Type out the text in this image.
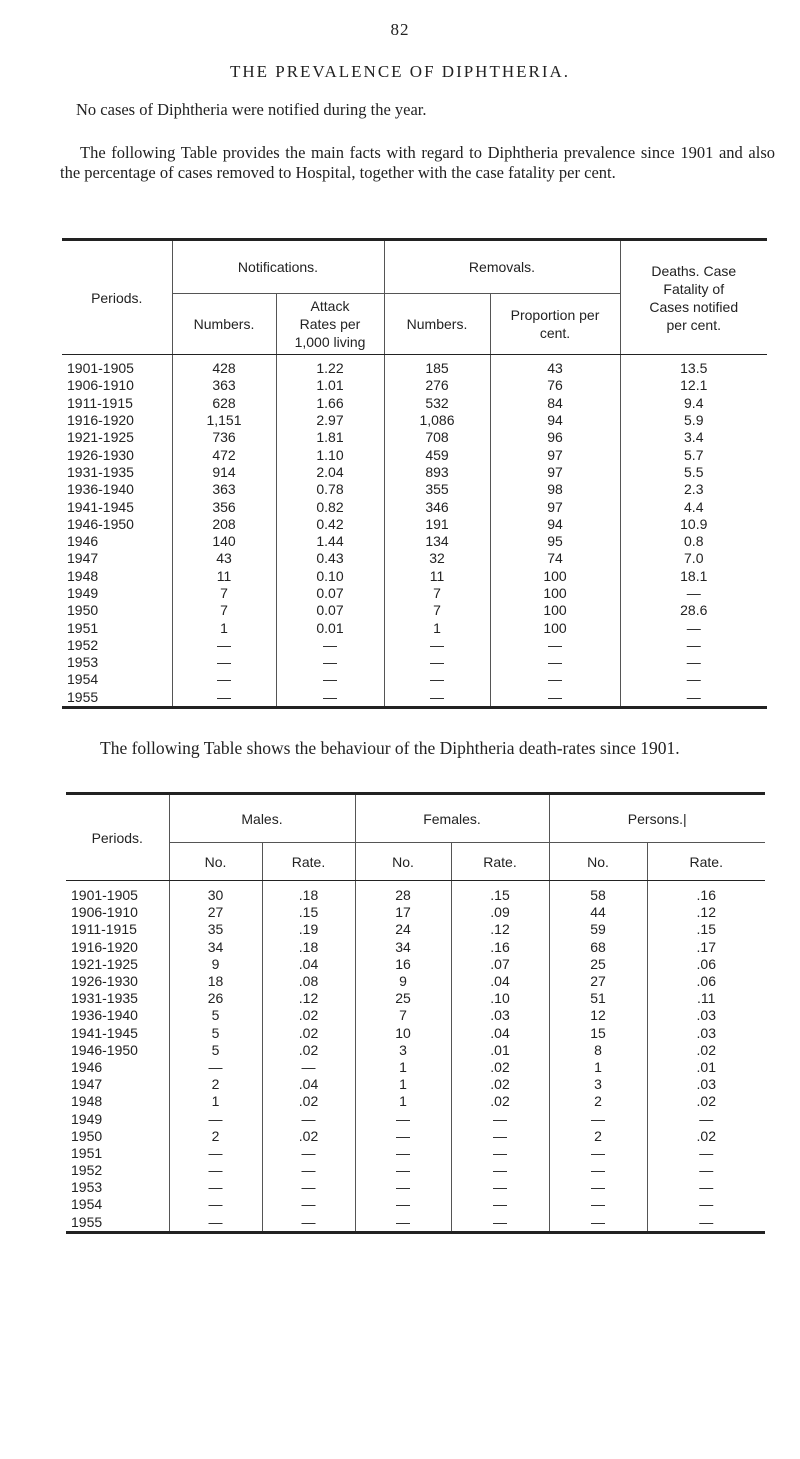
82
THE PREVALENCE OF DIPHTHERIA.
No cases of Diphtheria were notified during the year.
The following Table provides the main facts with regard to Diphtheria prevalence since 1901 and also the percentage of cases removed to Hospital, together with the case fatality per cent.
Periods.	Notifications.		Removals.		Deaths. Case Fatality of Cases notified per cent.
	Numbers.	Attack Rates per 1,000 living	Numbers.	Proportion per cent.	
1901-1905	428	1.22	185	43	13.5
1906-1910	363	1.01	276	76	12.1
1911-1915	628	1.66	532	84	9.4
1916-1920	1,151	2.97	1,086	94	5.9
1921-1925	736	1.81	708	96	3.4
1926-1930	472	1.10	459	97	5.7
1931-1935	914	2.04	893	97	5.5
1936-1940	363	0.78	355	98	2.3
1941-1945	356	0.82	346	97	4.4
1946-1950	208	0.42	191	94	10.9
1946	140	1.44	134	95	0.8
1947	43	0.43	32	74	7.0
1948	11	0.10	11	100	18.1
1949	7	0.07	7	100	—
1950	7	0.07	7	100	28.6
1951	1	0.01	1	100	—
1952	—	—	—	—	—
1953	—	—	—	—	—
1954	—	—	—	—	—
1955	—	—	—	—	—
The following Table shows the behaviour of the Diphtheria death-rates since 1901.
Periods.	Males.		Females.		Persons.|	
	No.	Rate.	No.	Rate.	No.	Rate.
1901-1905	30	.18	28	.15	58	.16
1906-1910	27	.15	17	.09	44	.12
1911-1915	35	.19	24	.12	59	.15
1916-1920	34	.18	34	.16	68	.17
1921-1925	9	.04	16	.07	25	.06
1926-1930	18	.08	9	.04	27	.06
1931-1935	26	.12	25	.10	51	.11
1936-1940	5	.02	7	.03	12	.03
1941-1945	5	.02	10	.04	15	.03
1946-1950	5	.02	3	.01	8	.02
1946	—	—	1	.02	1	.01
1947	2	.04	1	.02	3	.03
1948	1	.02	1	.02	2	.02
1949	—	—	—	—	—	—
1950	2	.02	—	—	2	.02
1951	—	—	—	—	—	—
1952	—	—	—	—	—	—
1953	—	—	—	—	—	—
1954	—	—	—	—	—	—
1955	—	—	—	—	—	—
